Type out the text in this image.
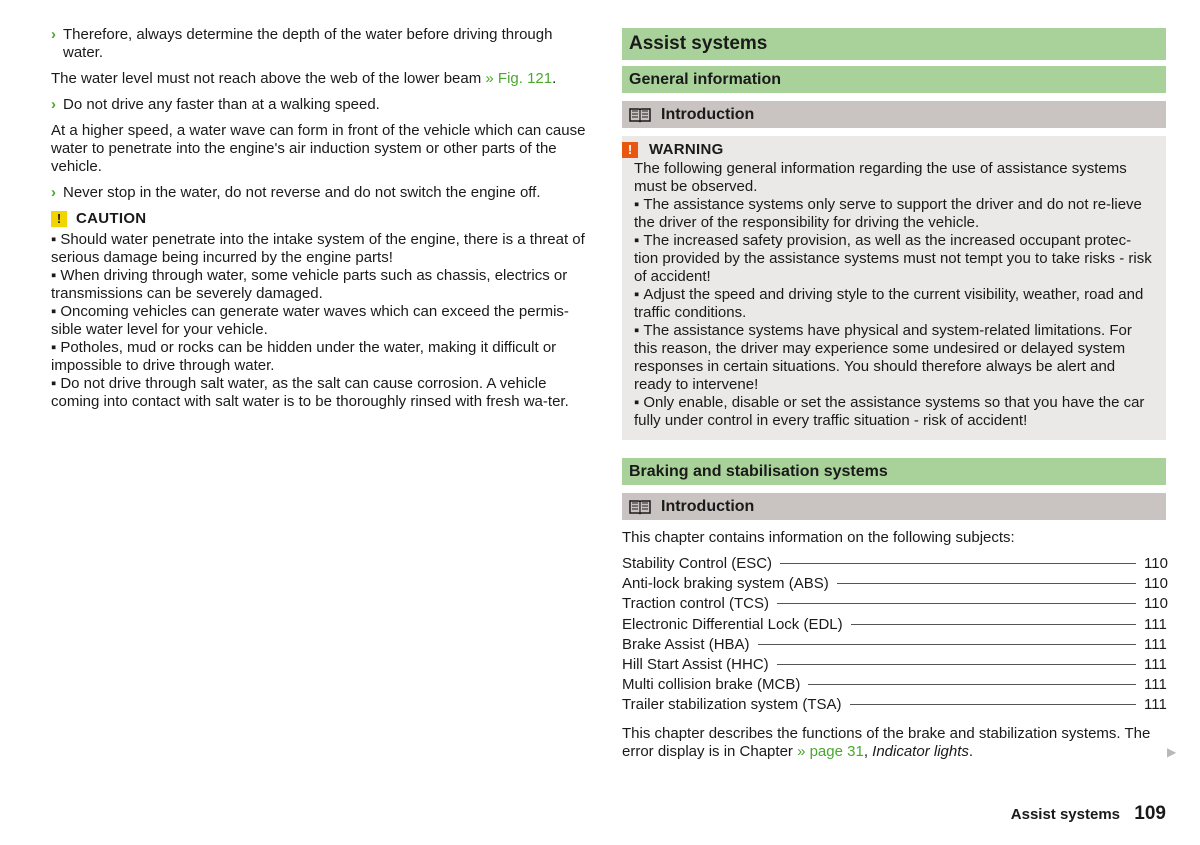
› Therefore, always determine the depth of the water before driving through water.

The water level must not reach above the web of the lower beam » Fig. 121.

› Do not drive any faster than at a walking speed.

At a higher speed, a water wave can form in front of the vehicle which can cause water to penetrate into the engine's air induction system or other parts of the vehicle.

› Never stop in the water, do not reverse and do not switch the engine off.

! CAUTION

▪ Should water penetrate into the intake system of the engine, there is a threat of serious damage being incurred by the engine parts!

▪ When driving through water, some vehicle parts such as chassis, electrics or transmissions can be severely damaged.

▪ Oncoming vehicles can generate water waves which can exceed the permis-sible water level for your vehicle.

▪ Potholes, mud or rocks can be hidden under the water, making it difficult or impossible to drive through water.

▪ Do not drive through salt water, as the salt can cause corrosion. A vehicle coming into contact with salt water is to be thoroughly rinsed with fresh wa-ter.

Assist systems
General information
Introduction
!	WARNING

The following general information regarding the use of assistance systems must be observed.

▪ The assistance systems only serve to support the driver and do not re-lieve the driver of the responsibility for driving the vehicle.

▪ The increased safety provision, as well as the increased occupant protec-tion provided by the assistance systems must not tempt you to take risks - risk of accident!

▪ Adjust the speed and driving style to the current visibility, weather, road and traffic conditions.

▪ The assistance systems have physical and system-related limitations. For this reason, the driver may experience some undesired or delayed system responses in certain situations. You should therefore always be alert and ready to intervene!

▪ Only enable, disable or set the assistance systems so that you have the car fully under control in every traffic situation - risk of accident!

Braking and stabilisation systems
Introduction

This chapter contains information on the following subjects:

Stability Control (ESC)	110
Anti-lock braking system (ABS)	110
Traction control (TCS)	110
Electronic Differential Lock (EDL)	111
Brake Assist (HBA)	111
Hill Start Assist (HHC)	111
Multi collision brake (MCB)	111
Trailer stabilization system (TSA)	111

This chapter describes the functions of the brake and stabilization systems. The error display is in Chapter » page 31, Indicator lights.	▶
Assist systems 109
